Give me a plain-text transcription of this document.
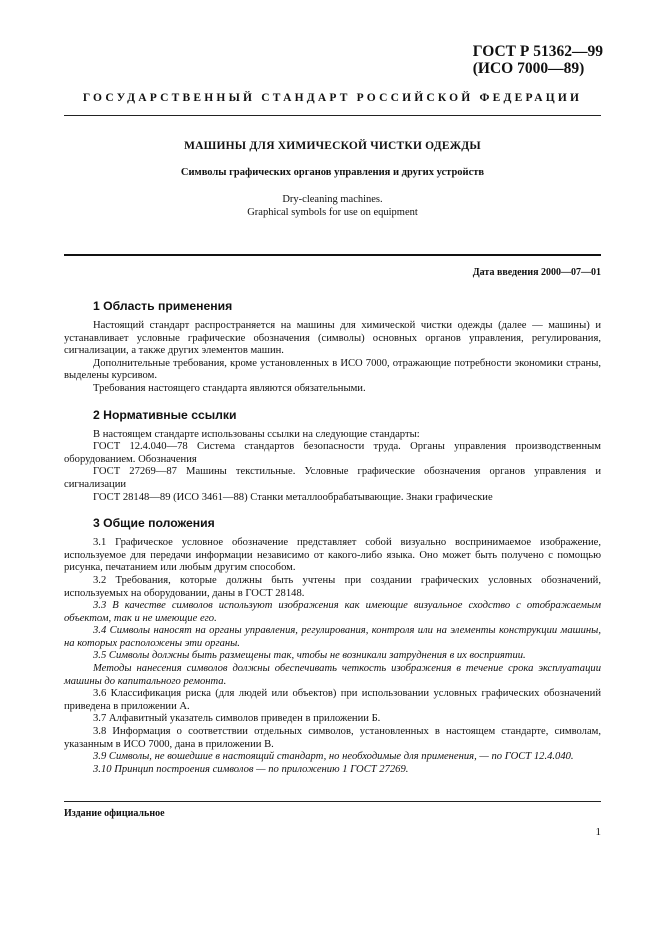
ГОСТ Р 51362—99
(ИСО 7000—89)
ГОСУДАРСТВЕННЫЙ СТАНДАРТ РОССИЙСКОЙ ФЕДЕРАЦИИ
МАШИНЫ ДЛЯ ХИМИЧЕСКОЙ ЧИСТКИ ОДЕЖДЫ
Символы графических органов управления и других устройств
Dry-cleaning machines.
Graphical symbols for use on equipment
Дата введения 2000—07—01
1 Область применения

Настоящий стандарт распространяется на машины для химической чистки одежды (далее — машины) и устанавливает условные графические обозначения (символы) основных органов управления, регулирования, сигнализации, а также других элементов машин.

Дополнительные требования, кроме установленных в ИСО 7000, отражающие потребности экономики страны, выделены курсивом.

Требования настоящего стандарта являются обязательными.

2 Нормативные ссылки

В настоящем стандарте использованы ссылки на следующие стандарты:

ГОСТ 12.4.040—78 Система стандартов безопасности труда. Органы управления производственным оборудованием. Обозначения

ГОСТ 27269—87 Машины текстильные. Условные графические обозначения органов управления и сигнализации

ГОСТ 28148—89 (ИСО 3461—88) Станки металлообрабатывающие. Знаки графические

3 Общие положения

3.1 Графическое условное обозначение представляет собой визуально воспринимаемое изображение, используемое для передачи информации независимо от какого-либо языка. Оно может быть получено с помощью рисунка, печатанием или любым другим способом.

3.2 Требования, которые должны быть учтены при создании графических условных обозначений, используемых на оборудовании, даны в ГОСТ 28148.

3.3 В качестве символов используют изображения как имеющие визуальное сходство с отображаемым объектом, так и не имеющие его.

3.4 Символы наносят на органы управления, регулирования, контроля или на элементы конструкции машины, на которых расположены эти органы.

3.5 Символы должны быть размещены так, чтобы не возникали затруднения в их восприятии.

Методы нанесения символов должны обеспечивать четкость изображения в течение срока эксплуатации машины до капитального ремонта.

3.6 Классификация риска (для людей или объектов) при использовании условных графических обозначений приведена в приложении А.

3.7 Алфавитный указатель символов приведен в приложении Б.

3.8 Информация о соответствии отдельных символов, установленных в настоящем стандарте, символам, указанным в ИСО 7000, дана в приложении В.

3.9 Символы, не вошедшие в настоящий стандарт, но необходимые для применения, — по ГОСТ 12.4.040.

3.10 Принцип построения символов — по приложению 1 ГОСТ 27269.

Издание официальное
1
